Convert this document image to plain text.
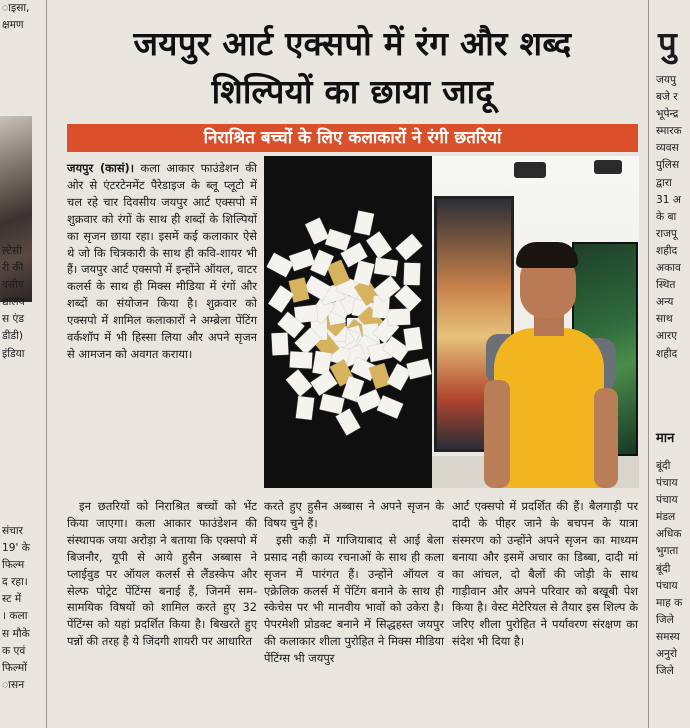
ाइसा,

क्षमण

ल्टेसी

री की

वसीय

द्यालय

स एंड

डीडी)

इंडिया

संचार

19' के

फिल्म

द रहा।

स्ट में

। कला

स मौके

क एवं

फिल्मों

ासन

जयपुर आर्ट एक्सपो में रंग और शब्द
शिल्पियों का छाया जादू
निराश्रित बच्चों के लिए कलाकारों ने रंगी छतरियां

जयपुर (कासं)। कला आकार फाउंडेशन की ओर से एंटरटेनमेंट पैरेडाइज के ब्लू प्लूटो में चल रहे चार दिवसीय जयपुर आर्ट एक्सपो में शुक्रवार को रंगों के साथ ही शब्दों के शिल्पियों का सृजन छाया रहा। इसमें कई कलाकार ऐसे थे जो कि चित्रकारी के साथ ही कवि-शायर भी हैं। जयपुर आर्ट एक्सपो में इन्होंने ऑयल, वाटर कलर्स के साथ ही मिक्स मीडिया में रंगों और शब्दों का संयोजन किया है। शुक्रवार को एक्सपो में शामिल कलाकारों ने अम्ब्रेला पेंटिंग वर्कशॉप में भी हिस्सा लिया और अपने सृजन से आमजन को अवगत कराया।

इन छतरियों को निराश्रित बच्चों को भेंट किया जाएगा। कला आकार फाउंडेशन की संस्थापक जया अरोड़ा ने बताया कि एक्सपो में बिजनौर, यूपी से आये हुसैन अब्बास ने प्लाईवुड पर ऑयल कलर्स से लैंडस्केप और सेल्फ पोट्रेट पेंटिंग्स बनाई हैं, जिनमें सम-सामयिक विषयों को शामिल करते हुए 32 पेंटिंग्स को यहां प्रदर्शित किया है। बिखरते हुए पन्नों की तरह है ये जिंदगी शायरी पर आधारित

करते हुए हुसैन अब्बास ने अपने सृजन के विषय चुने हैं।

इसी कड़ी में गाजियाबाद से आई बेला प्रसाद नही काव्य रचनाओं के साथ ही कला सृजन में पारंगत हैं। उन्होंने ऑयल व एक्रेलिक कलर्स में पेंटिंग बनाने के साथ ही स्केचेस पर भी मानवीय भावों को उकेरा है। पेपरमेशी प्रोडक्ट बनाने में सिद्धहस्त जयपुर की कलाकार शीला पुरोहित ने मिक्स मीडिया पेंटिंग्स भी जयपुर

आर्ट एक्सपो में प्रदर्शित की हैं। बैलगाड़ी पर दादी के पीहर जाने के बचपन के यात्रा संस्मरण को उन्होंने अपने सृजन का माध्यम बनाया और इसमें अचार का डिब्बा, दादी मां का आंचल, दो बैलों की जोड़ी के साथ गाड़ीवान और अपने परिवार को बखूबी पेश किया है। वेस्ट मेटेरियल से तैयार इस शिल्प के जरिए शीला पुरोहित ने पर्यावरण संरक्षण का संदेश भी दिया है।

पु

जयपु

बजे र

भूपेन्द्र

स्मारक

व्यवस

पुलिस

द्वारा

31 अ

के बा

राजपू

शहीद

अकाव

स्थित

अन्य

साथ

आरए

शहीद

मान

बूंदी

पंचाय

पंचाय

मंडल

अधिक

भुगता

बूंदी

पंचाय

माह क

जिले

समस्य

अनुरो

जिले
